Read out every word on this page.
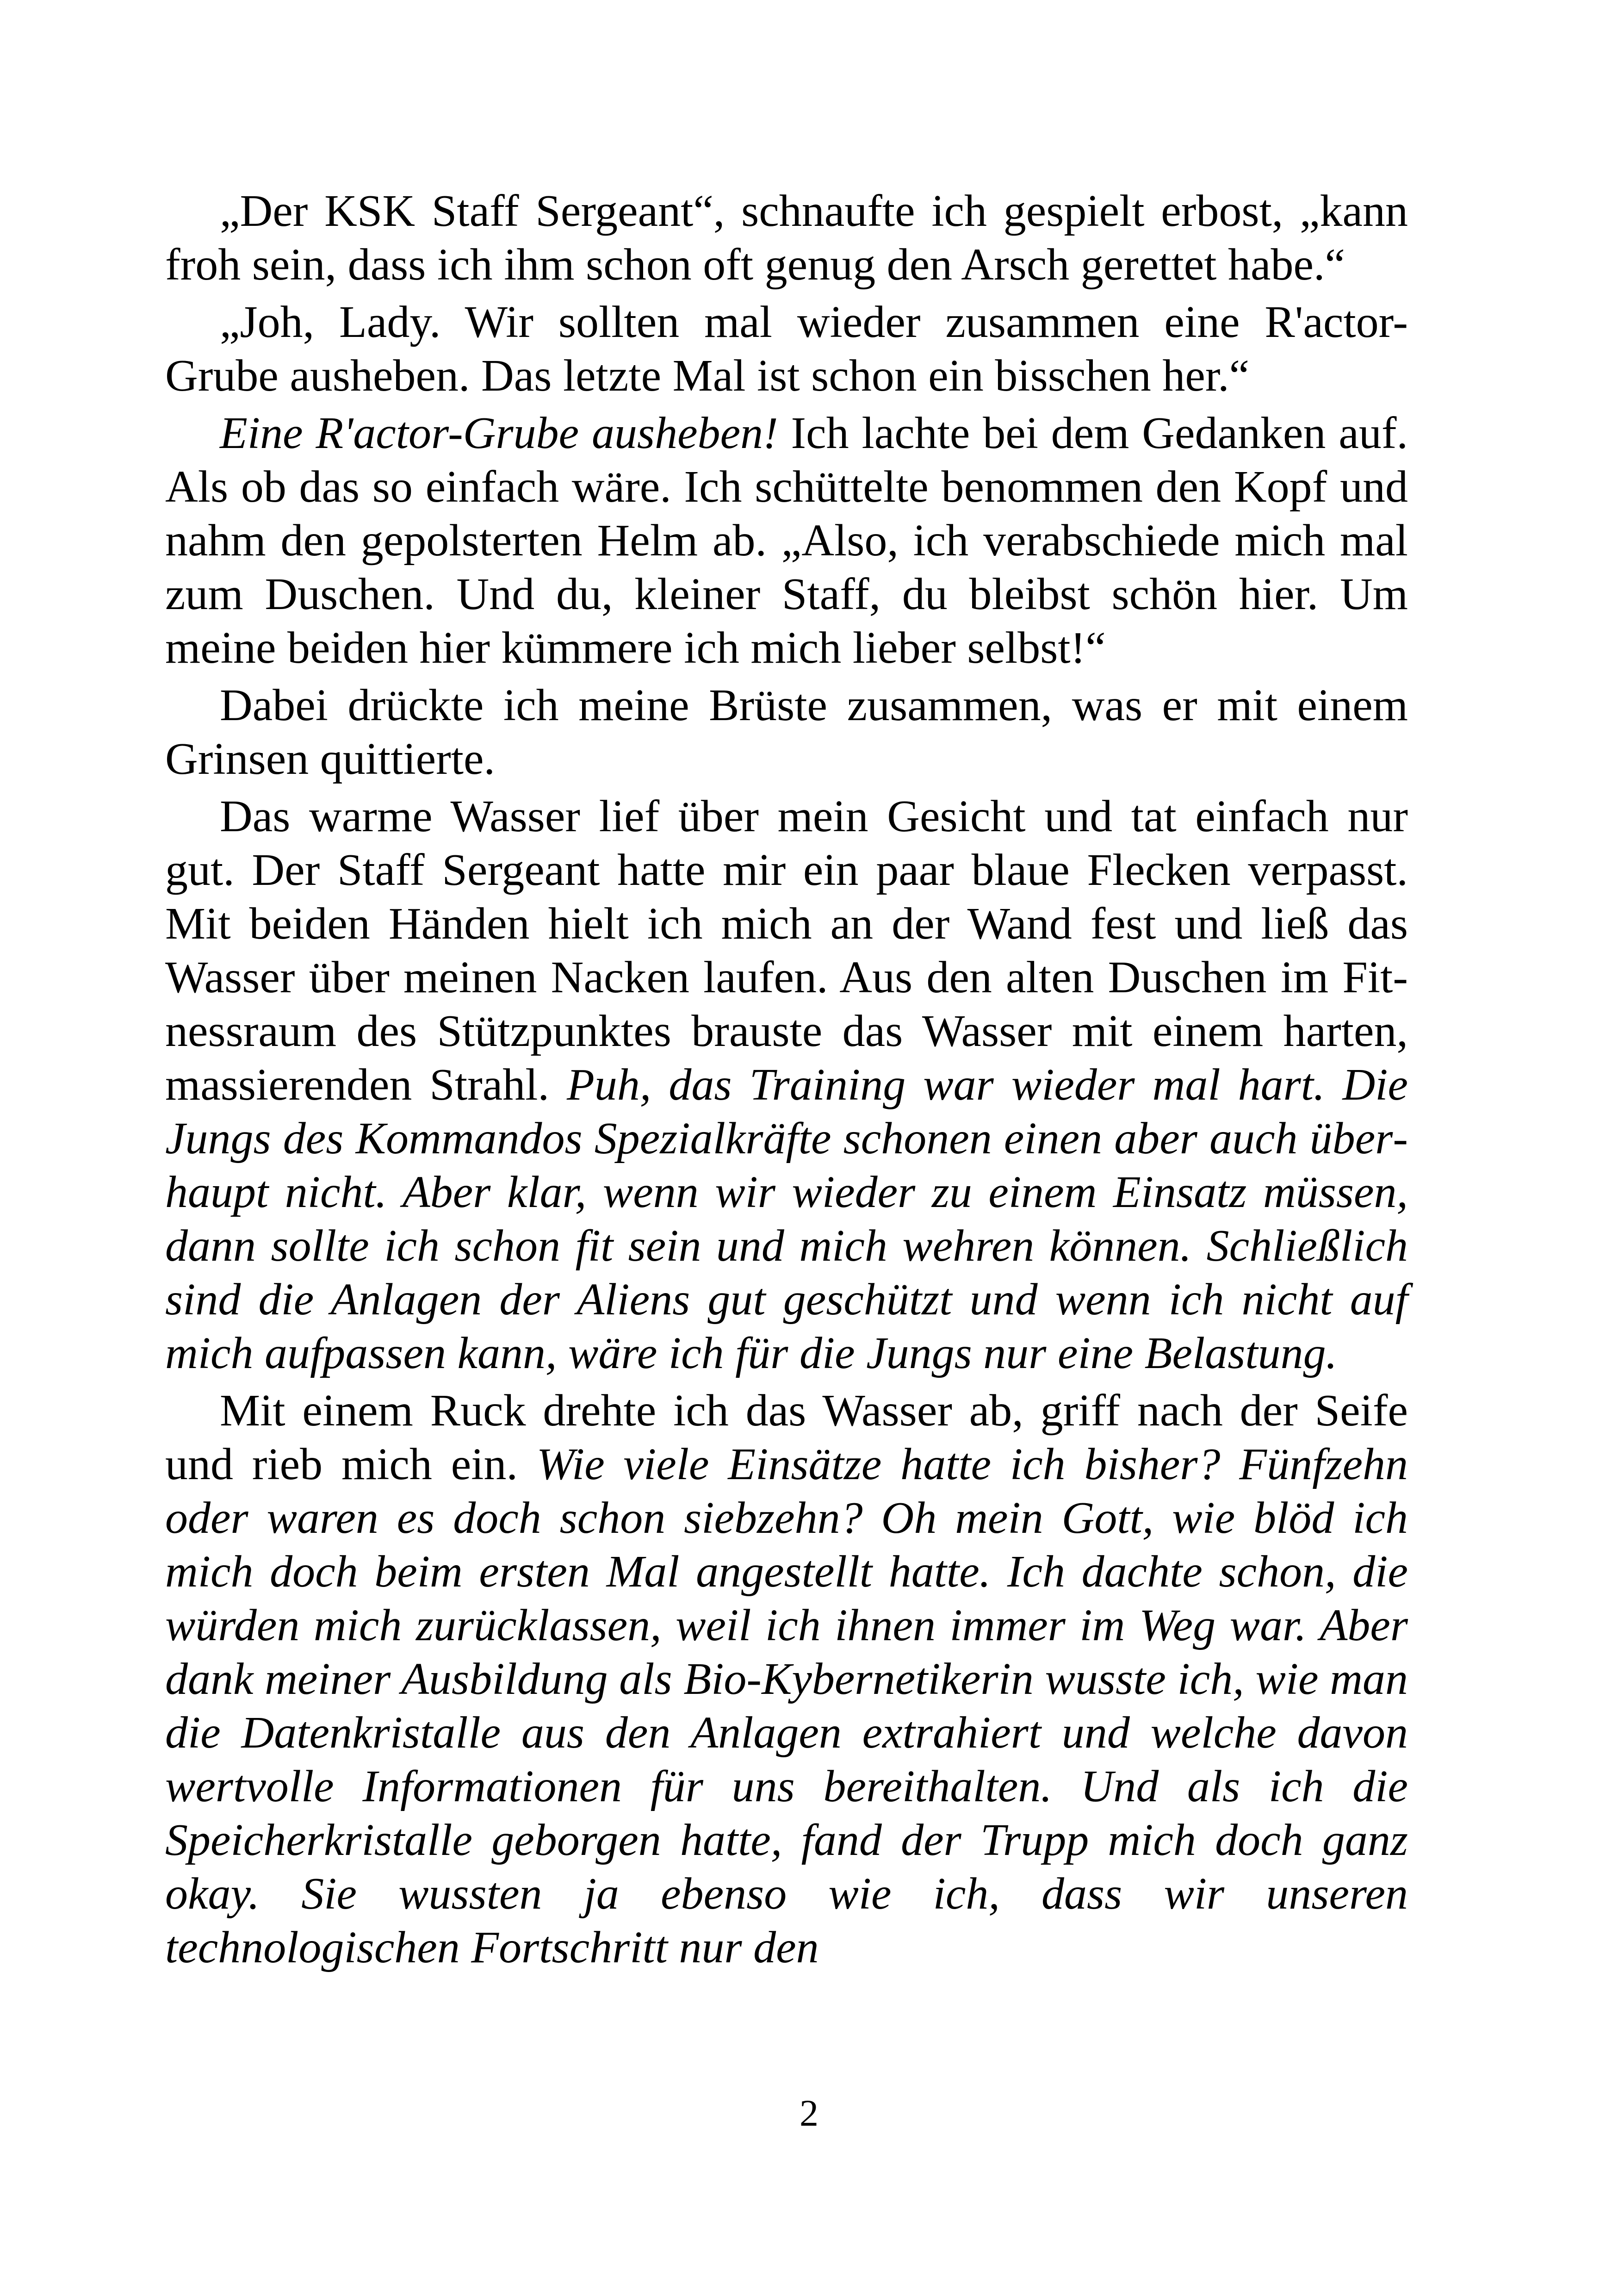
„Der KSK Staff Sergeant“, schnaufte ich gespielt erbost, „kann froh sein, dass ich ihm schon oft genug den Arsch gerettet habe.“

„Joh, Lady. Wir sollten mal wieder zusammen eine R'actor-Grube ausheben. Das letzte Mal ist schon ein bisschen her.“

Eine R'actor-Grube ausheben! Ich lachte bei dem Gedanken auf. Als ob das so einfach wäre. Ich schüttelte benommen den Kopf und nahm den gepolsterten Helm ab. „Also, ich verabschiede mich mal zum Duschen. Und du, kleiner Staff, du bleibst schön hier. Um meine beiden hier kümmere ich mich lieber selbst!“

Dabei drückte ich meine Brüste zusammen, was er mit einem Grinsen quittierte.

Das warme Wasser lief über mein Gesicht und tat einfach nur gut. Der Staff Sergeant hatte mir ein paar blaue Flecken verpasst. Mit beiden Händen hielt ich mich an der Wand fest und ließ das Wasser über meinen Nacken laufen. Aus den alten Duschen im Fitnessraum des Stützpunktes brauste das Wasser mit einem harten, massierenden Strahl. Puh, das Training war wieder mal hart. Die Jungs des Kommandos Spezialkräfte schonen einen aber auch überhaupt nicht. Aber klar, wenn wir wieder zu einem Einsatz müssen, dann sollte ich schon fit sein und mich wehren können. Schließlich sind die Anlagen der Aliens gut geschützt und wenn ich nicht auf mich aufpassen kann, wäre ich für die Jungs nur eine Belastung.

Mit einem Ruck drehte ich das Wasser ab, griff nach der Seife und rieb mich ein. Wie viele Einsätze hatte ich bisher? Fünfzehn oder waren es doch schon siebzehn? Oh mein Gott, wie blöd ich mich doch beim ersten Mal angestellt hatte. Ich dachte schon, die würden mich zurücklassen, weil ich ihnen immer im Weg war. Aber dank meiner Ausbildung als Bio-Kybernetikerin wusste ich, wie man die Datenkristalle aus den Anlagen extrahiert und welche davon wertvolle Informationen für uns bereithalten. Und als ich die Speicherkristalle geborgen hatte, fand der Trupp mich doch ganz okay. Sie wussten ja ebenso wie ich, dass wir unseren technologischen Fortschritt nur den

2
